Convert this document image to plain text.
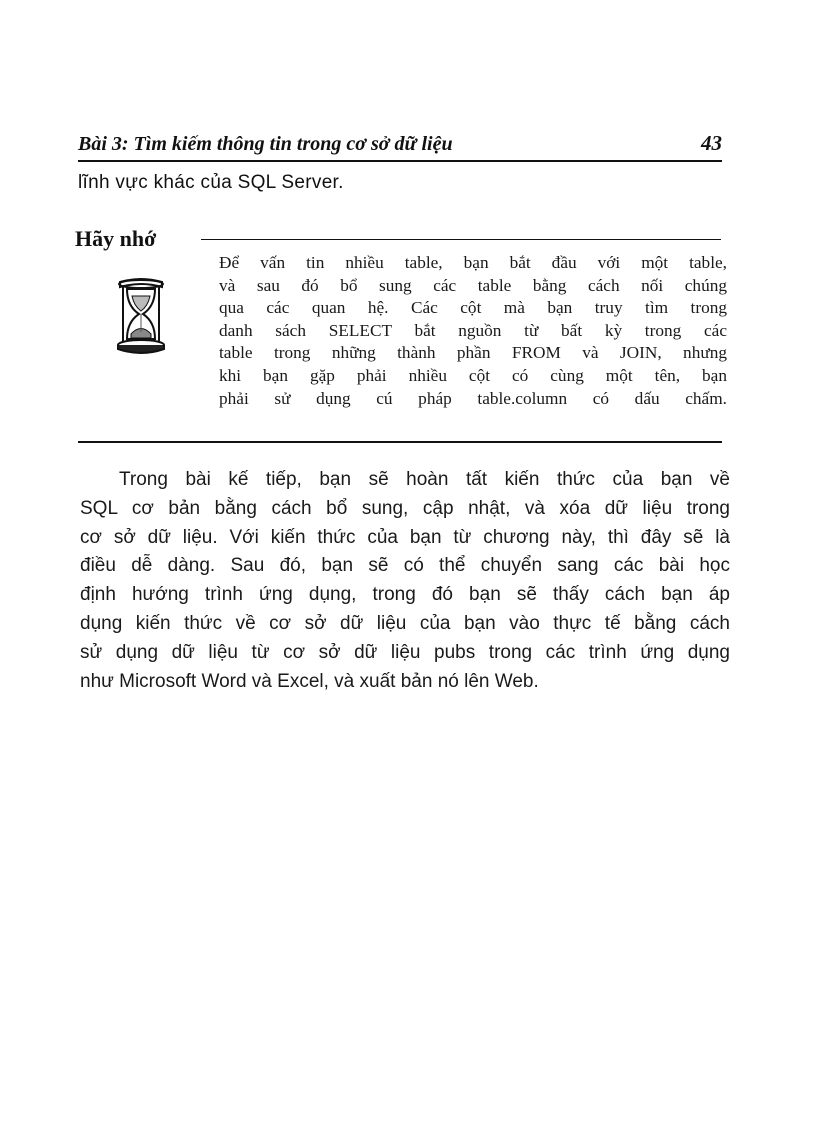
Bài 3: Tìm kiếm thông tin trong cơ sở dữ liệu	43
lĩnh vực khác của SQL Server.
Hãy nhớ

Để vấn tin nhiều table, bạn bắt đầu với một table,
và sau đó bổ sung các table bằng cách nối chúng
qua các quan hệ. Các cột mà bạn truy tìm trong
danh sách SELECT bắt nguồn từ bất kỳ trong các
table trong những thành phần FROM và JOIN, nhưng
khi bạn gặp phải nhiều cột có cùng một tên, bạn
phải sử dụng cú pháp table.column có dấu chấm.

Trong bài kế tiếp, bạn sẽ hoàn tất kiến thức của bạn về
SQL cơ bản bằng cách bổ sung, cập nhật, và xóa dữ liệu trong
cơ sở dữ liệu. Với kiến thức của bạn từ chương này, thì đây sẽ là
điều dễ dàng. Sau đó, bạn sẽ có thể chuyển sang các bài học
định hướng trình ứng dụng, trong đó bạn sẽ thấy cách bạn áp
dụng kiến thức về cơ sở dữ liệu của bạn vào thực tế bằng cách
sử dụng dữ liệu từ cơ sở dữ liệu pubs trong các trình ứng dụng
như Microsoft Word và Excel, và xuất bản nó lên Web.
